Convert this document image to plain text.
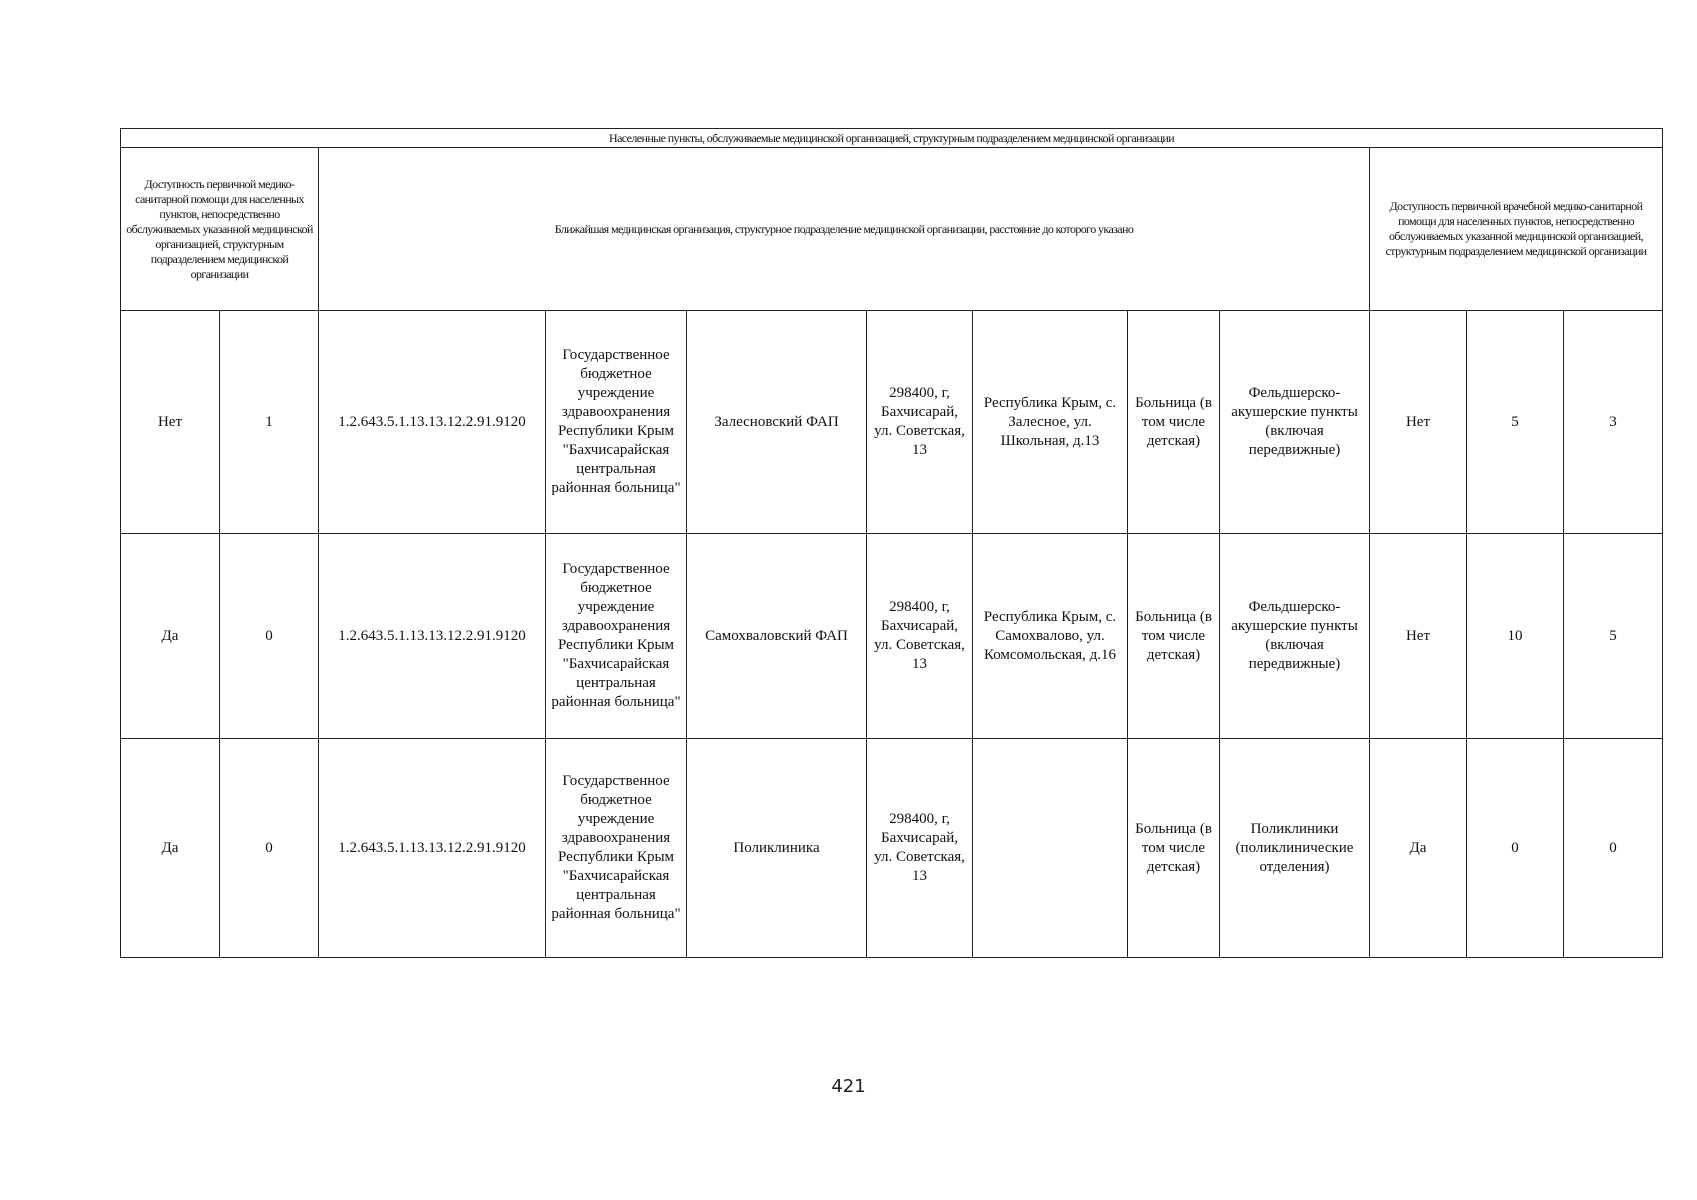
Населенные пункты, обслуживаемые медицинской организацией, структурным подразделением медицинской организации											
Доступность первичной медико-санитарной помощи для населенных пунктов, непосредственно обслуживаемых указанной медицинской организацией, структурным подразделением медицинской организации		Ближайшая медицинская организация, структурное подразделение медицинской организации, расстояние до которого указано							Доступность первичной врачебной медико-санитарной помощи для населенных пунктов, непосредственно обслуживаемых указанной медицинской организацией, структурным подразделением медицинской организации		
Нет	1	1.2.643.5.1.13.13.12.2.91.9120	Государственное бюджетное учреждение здравоохранения Республики Крым "Бахчисарайская центральная районная больница"	Залесновский ФАП	298400, г, Бахчисарай, ул. Советская, 13	Республика Крым, с. Залесное, ул. Школьная, д.13	Больница (в том числе детская)	Фельдшерско-акушерские пункты (включая передвижные)	Нет	5	3
Да	0	1.2.643.5.1.13.13.12.2.91.9120	Государственное бюджетное учреждение здравоохранения Республики Крым "Бахчисарайская центральная районная больница"	Самохваловский ФАП	298400, г, Бахчисарай, ул. Советская, 13	Республика Крым, с. Самохвалово, ул. Комсомольская, д.16	Больница (в том числе детская)	Фельдшерско-акушерские пункты (включая передвижные)	Нет	10	5
Да	0	1.2.643.5.1.13.13.12.2.91.9120	Государственное бюджетное учреждение здравоохранения Республики Крым "Бахчисарайская центральная районная больница"	Поликлиника	298400, г, Бахчисарай, ул. Советская, 13		Больница (в том числе детская)	Поликлиники (поликлинические отделения)	Да	0	0
421
